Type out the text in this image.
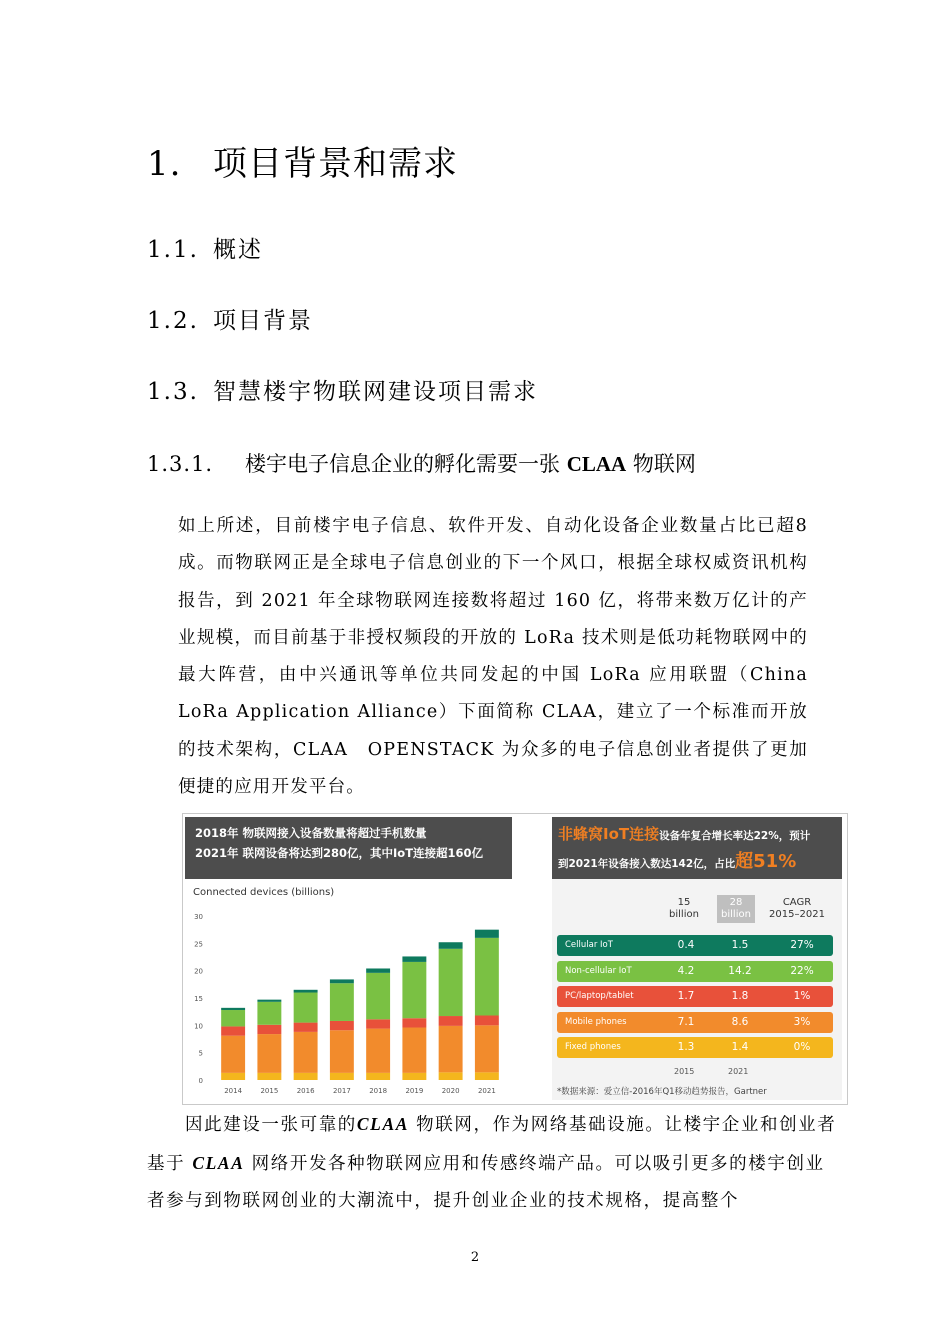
1. 项目背景和需求
1.1. 概述
1.2. 项目背景
1.3. 智慧楼宇物联网建设项目需求
1.3.1. 楼宇电子信息企业的孵化需要一张 CLAA 物联网
如上所述，目前楼宇电子信息、软件开发、自动化设备企业数量占比已超8成。而物联网正是全球电子信息创业的下一个风口，根据全球权威资讯机构报告，到 2021 年全球物联网连接数将超过 160 亿，将带来数万亿计的产业规模，而目前基于非授权频段的开放的 LoRa 技术则是低功耗物联网中的最大阵营，由中兴通讯等单位共同发起的中国 LoRa 应用联盟（China LoRa Application Alliance）下面简称 CLAA，建立了一个标准而开放的技术架构，CLAA　OPENSTACK 为众多的电子信息创业者提供了更加便捷的应用开发平台。
2018年 物联网接入设备数量将超过手机数量
2021年 联网设备将达到280亿，其中IoT连接超160亿
Connected devices (billions)
0
5
10
15
20
25
30
2014	2015	2016	2017	2018	2019	2020	2021
非蜂窝IoT连接设备年复合增长率达22%，预计
到2021年设备接入数达142亿，占比超51%
15
billion
28
billion
CAGR
2015–2021
Cellular IoT	0.4	1.5	27%
Non-cellular IoT	4.2	14.2	22%
PC/laptop/tablet	1.7	1.8	1%
Mobile phones	7.1	8.6	3%
Fixed phones	1.3	1.4	0%
2015	2021
*数据来源：爱立信-2016年Q1移动趋势报告，Gartner
因此建设一张可靠的CLAA 物联网，作为网络基础设施。让楼宇企业和创业者基于 CLAA 网络开发各种物联网应用和传感终端产品。可以吸引更多的楼宇创业者参与到物联网创业的大潮流中，提升创业企业的技术规格，提高整个
2
